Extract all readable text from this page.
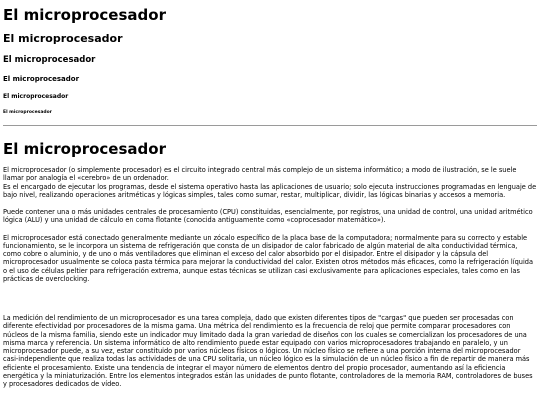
El microprocesador
El microprocesador
El microprocesador
El microprocesador
El microprocesador
El microprocesador
El microprocesador

El microprocesador (o simplemente procesador) es el circuito integrado central más complejo de un sistema informático; a modo de ilustración, se le suele llamar por analogía el «cerebro» de un ordenador.
Es el encargado de ejecutar los programas, desde el sistema operativo hasta las aplicaciones de usuario; solo ejecuta instrucciones programadas en lenguaje de bajo nivel, realizando operaciones aritméticas y lógicas simples, tales como sumar, restar, multiplicar, dividir, las lógicas binarias y accesos a memoria.

Puede contener una o más unidades centrales de procesamiento (CPU) constituidas, esencialmente, por registros, una unidad de control, una unidad aritmético lógica (ALU) y una unidad de cálculo en coma flotante (conocida antiguamente como «coprocesador matemático»).

El microprocesador está conectado generalmente mediante un zócalo específico de la placa base de la computadora; normalmente para su correcto y estable funcionamiento, se le incorpora un sistema de refrigeración que consta de un disipador de calor fabricado de algún material de alta conductividad térmica, como cobre o aluminio, y de uno o más ventiladores que eliminan el exceso del calor absorbido por el disipador. Entre el disipador y la cápsula del microprocesador usualmente se coloca pasta térmica para mejorar la conductividad del calor. Existen otros métodos más eficaces, como la refrigeración líquida o el uso de células peltier para refrigeración extrema, aunque estas técnicas se utilizan casi exclusivamente para aplicaciones especiales, tales como en las prácticas de overclocking.

La medición del rendimiento de un microprocesador es una tarea compleja, dado que existen diferentes tipos de "cargas" que pueden ser procesadas con diferente efectividad por procesadores de la misma gama. Una métrica del rendimiento es la frecuencia de reloj que permite comparar procesadores con núcleos de la misma familia, siendo este un indicador muy limitado dada la gran variedad de diseños con los cuales se comercializan los procesadores de una misma marca y referencia. Un sistema informático de alto rendimiento puede estar equipado con varios microprocesadores trabajando en paralelo, y un microprocesador puede, a su vez, estar constituido por varios núcleos físicos o lógicos. Un núcleo físico se refiere a una porción interna del microprocesador casi-independiente que realiza todas las actividades de una CPU solitaria, un núcleo lógico es la simulación de un núcleo físico a fin de repartir de manera más eficiente el procesamiento. Existe una tendencia de integrar el mayor número de elementos dentro del propio procesador, aumentando así la eficiencia energética y la miniaturización. Entre los elementos integrados están las unidades de punto flotante, controladores de la memoria RAM, controladores de buses y procesadores dedicados de vídeo.
